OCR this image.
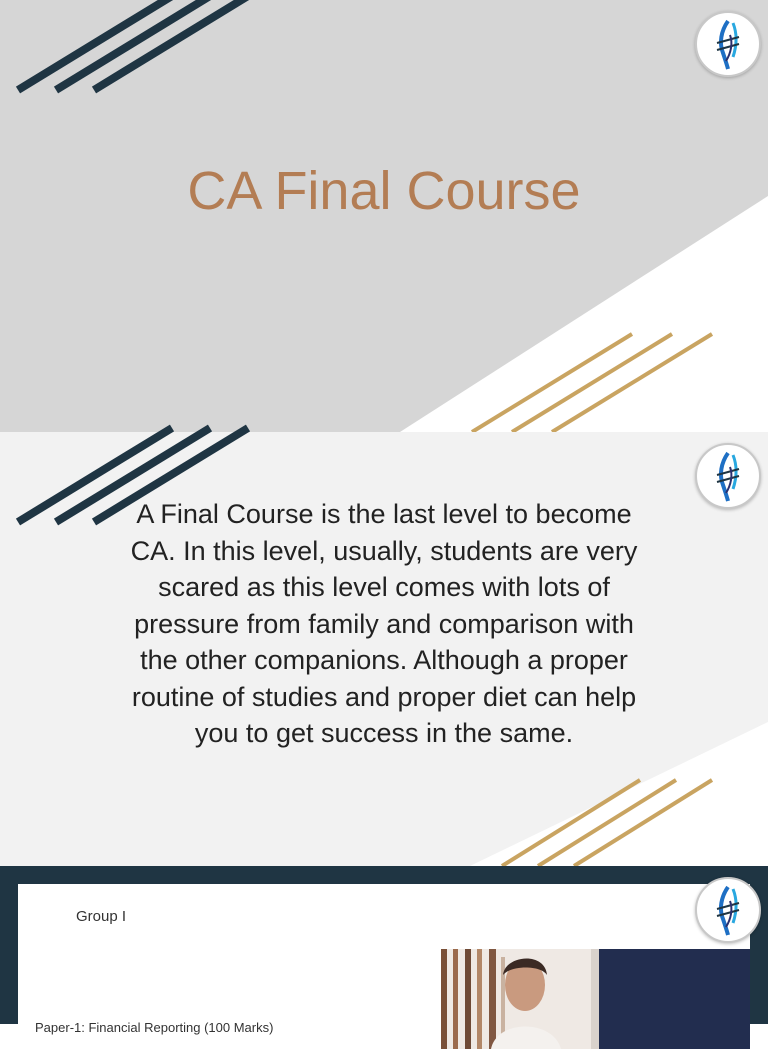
CA Final Course

A Final Course is the last level to become CA. In this level, usually, students are very scared as this level comes with lots of pressure from family and comparison with the other companions. Although a proper routine of studies and proper diet can help you to get success in the same.

Group I
Paper-1: Financial Reporting (100 Marks)
